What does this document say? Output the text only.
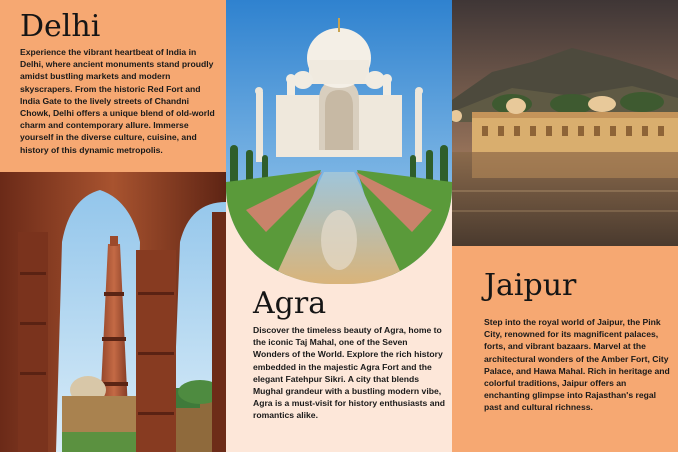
Delhi

Experience the vibrant heartbeat of India in Delhi, where ancient monuments stand proudly amidst bustling markets and modern skyscrapers. From the historic Red Fort and India Gate to the lively streets of Chandni Chowk, Delhi offers a unique blend of old-world charm and contemporary allure. Immerse yourself in the diverse culture, cuisine, and history of this dynamic metropolis.

Agra

Discover the timeless beauty of Agra, home to the iconic Taj Mahal, one of the Seven Wonders of the World. Explore the rich history embedded in the majestic Agra Fort and the elegant Fatehpur Sikri. A city that blends Mughal grandeur with a bustling modern vibe, Agra is a must-visit for history enthusiasts and romantics alike.

Jaipur

Step into the royal world of Jaipur, the Pink City, renowned for its magnificent palaces, forts, and vibrant bazaars. Marvel at the architectural wonders of the Amber Fort, City Palace, and Hawa Mahal. Rich in heritage and colorful traditions, Jaipur offers an enchanting glimpse into Rajasthan's regal past and cultural richness.
